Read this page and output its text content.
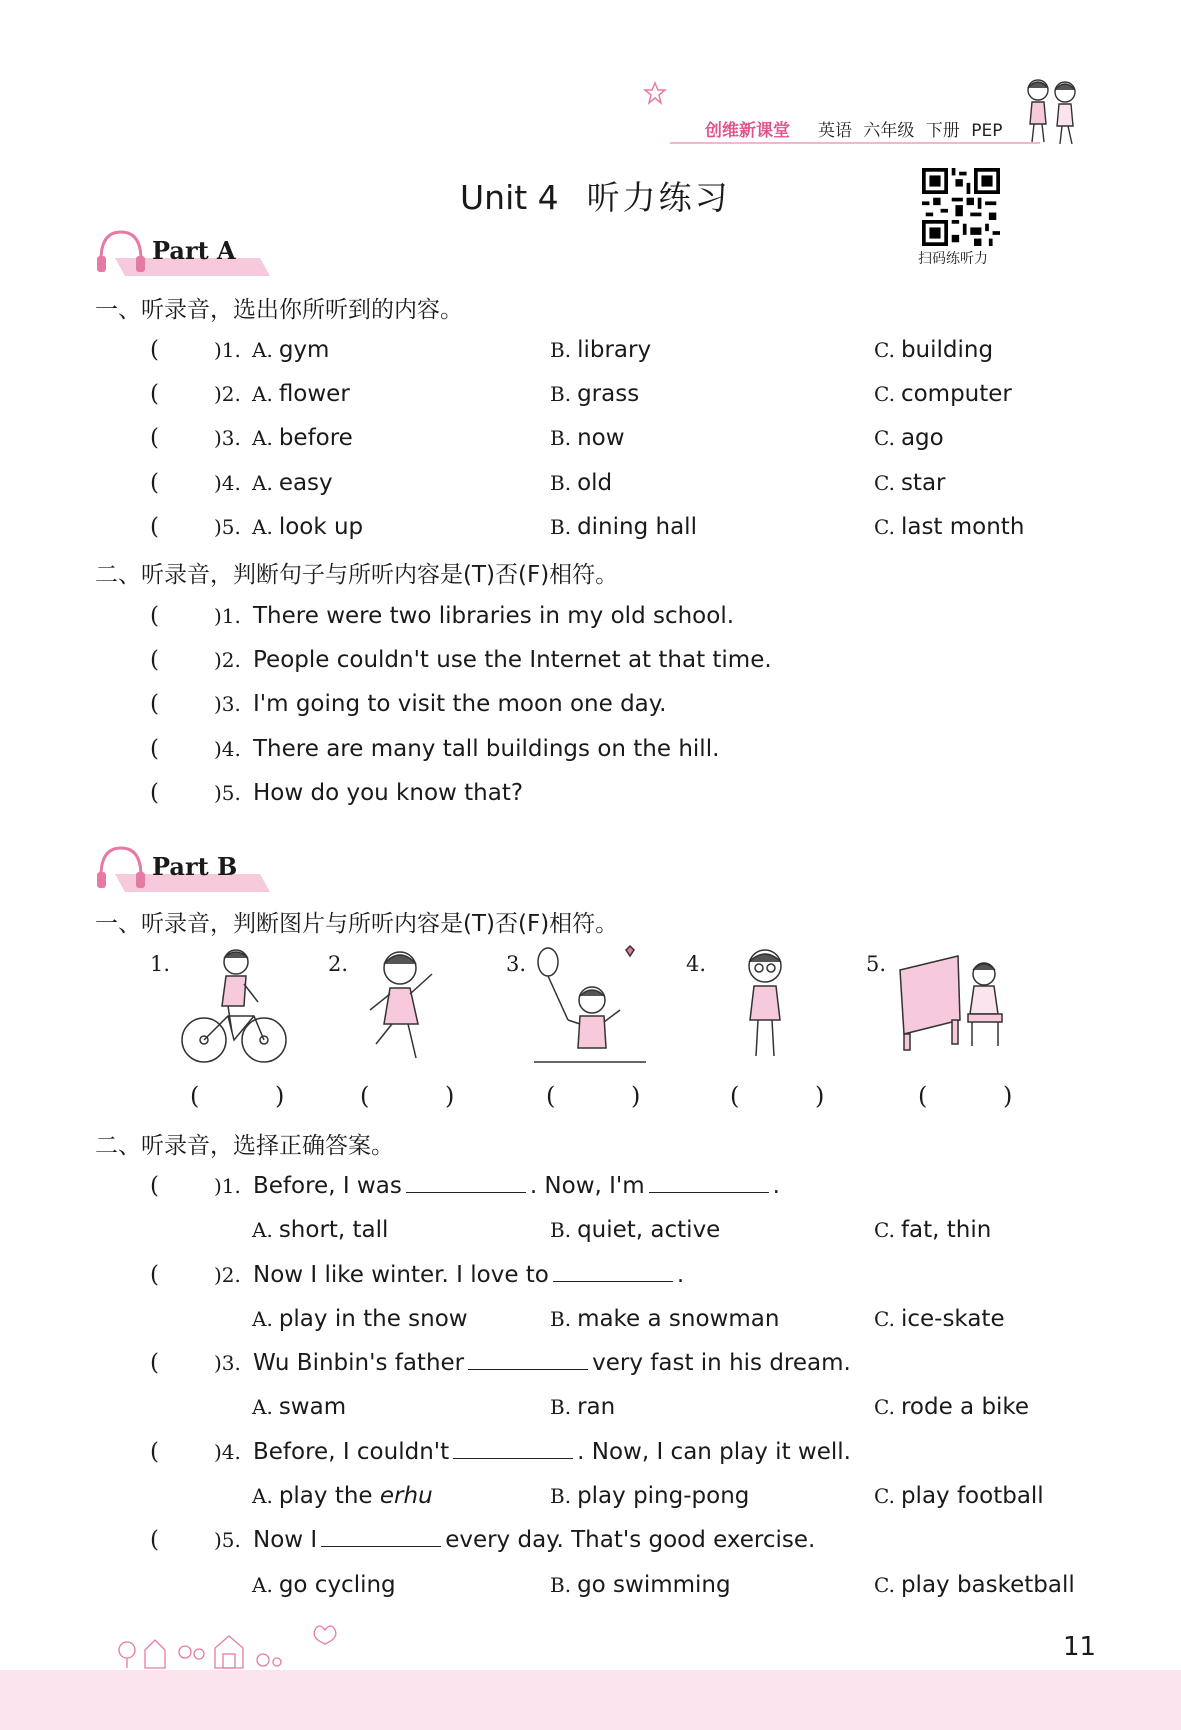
创维新课堂 英语 六年级 下册 PEP
Unit 4 听力练习
扫码练听力
Part A
一、听录音，选出你所听到的内容。
(	)1. A. gym	B. library	C. building
(	)2. A. flower	B. grass	C. computer
(	)3. A. before	B. now	C. ago
(	)4. A. easy	B. old	C. star
(	)5. A. look up	B. dining hall	C. last month
二、听录音，判断句子与所听内容是(T)否(F)相符。
(	)1. There were two libraries in my old school.
(	)2. People couldn't use the Internet at that time.
(	)3. I'm going to visit the moon one day.
(	)4. There are many tall buildings on the hill.
(	)5. How do you know that?
Part B
一、听录音，判断图片与所听内容是(T)否(F)相符。
1.	2.	3.	4.	5.
( ) ( ) ( ) ( ) ( )
二、听录音，选择正确答案。
(	)1. Before, I was	. Now, I'm	.
A. short, tall	B. quiet, active	C. fat, thin
(	)2. Now I like winter. I love to	.
A. play in the snow	B. make a snowman	C. ice-skate
(	)3. Wu Binbin's father	very fast in his dream.
A. swam	B. ran	C. rode a bike
(	)4. Before, I couldn't	. Now, I can play it well.
A. play the erhu	B. play ping-pong	C. play football
(	)5. Now I	every day. That's good exercise.
A. go cycling	B. go swimming	C. play basketball
11
